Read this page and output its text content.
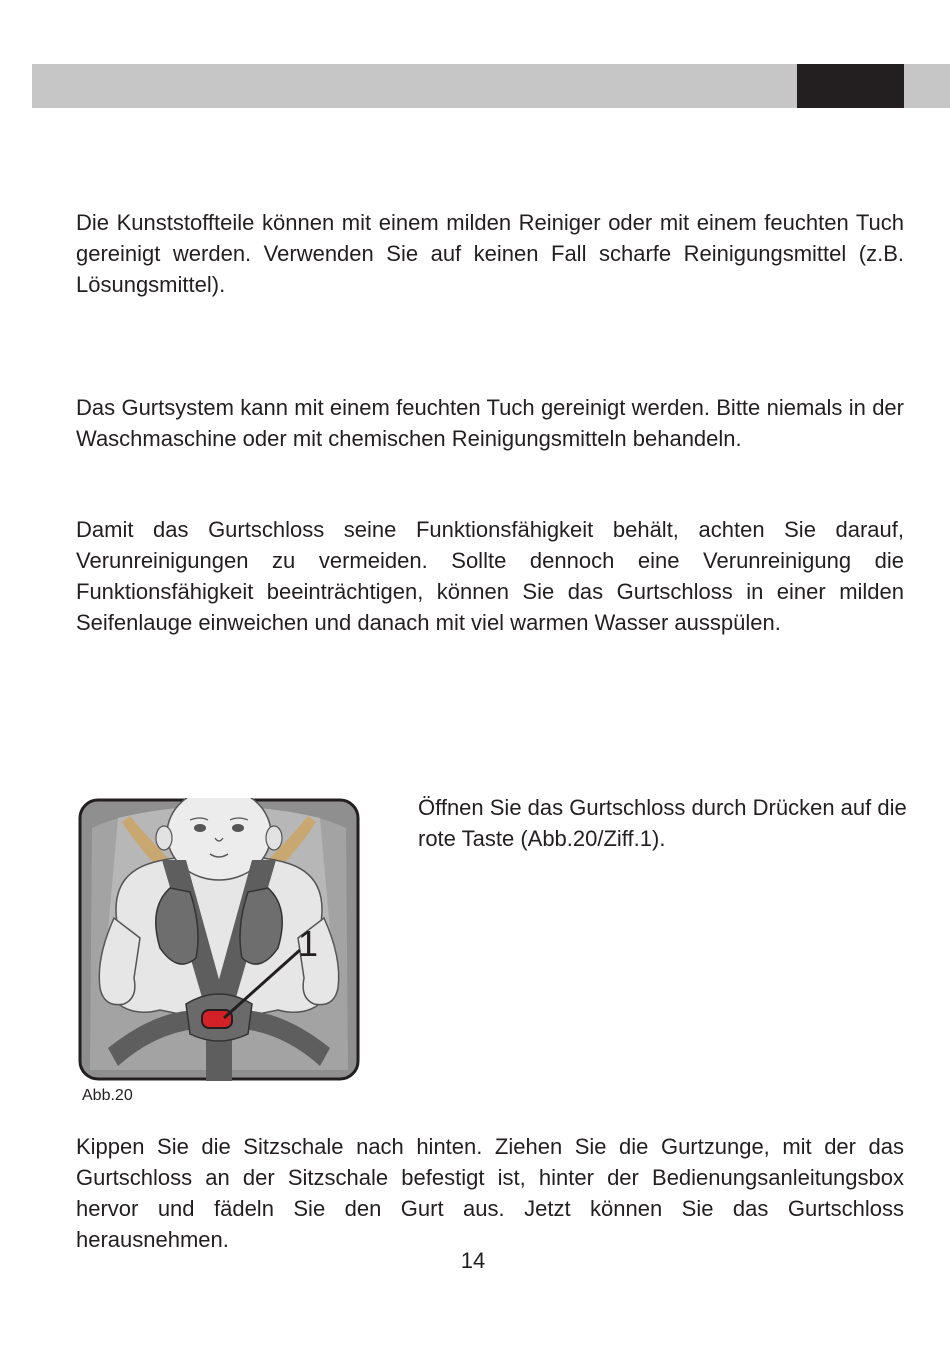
Die Kunststoffteile können mit einem milden Reiniger oder mit einem feuchten Tuch gereinigt werden. Verwenden Sie auf keinen Fall scharfe Reinigungsmittel (z.B. Lösungsmittel).

Das Gurtsystem kann mit einem feuchten Tuch gereinigt werden. Bitte niemals in der Waschmaschine oder mit chemischen Reinigungsmitteln behandeln.

Damit das Gurtschloss seine Funktionsfähigkeit behält, achten Sie darauf, Verunreinigungen zu vermeiden. Sollte dennoch eine Verunreinigung die Funktionsfähigkeit beeinträchtigen, können Sie das Gurtschloss in einer milden Seifenlauge einweichen und danach mit viel warmen Wasser ausspülen.

1
Abb.20

Öffnen Sie das Gurtschloss durch Drücken auf die rote Taste (Abb.20/Ziff.1).

Kippen Sie die Sitzschale nach hinten. Ziehen Sie die Gurtzunge, mit der das Gurtschloss an der Sitzschale befestigt ist, hinter der Bedienungsanleitungsbox hervor und fädeln Sie den Gurt aus. Jetzt können Sie das Gurtschloss herausnehmen.

14
